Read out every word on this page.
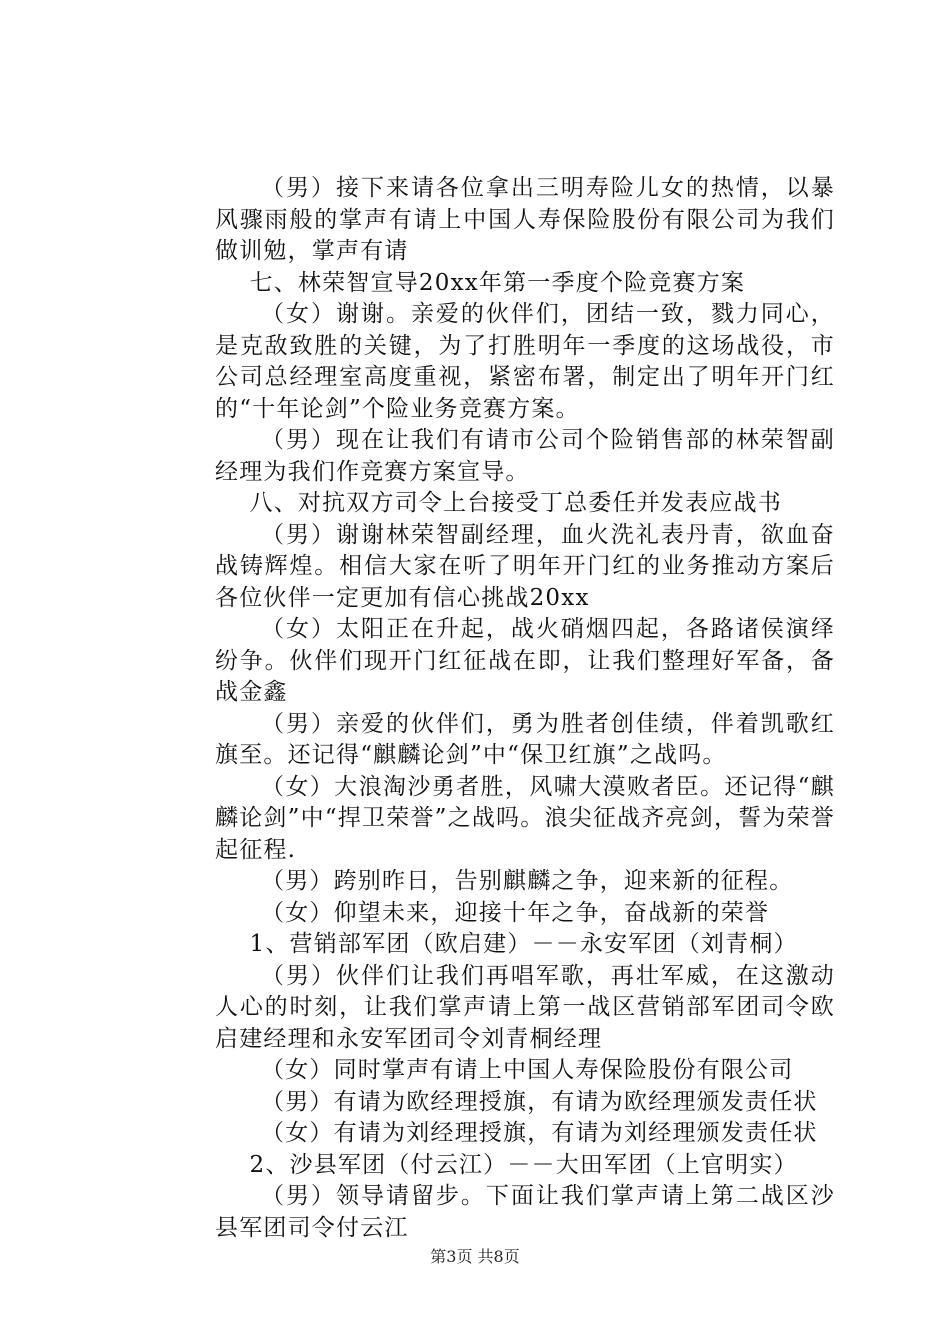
（男）接下来请各位拿出三明寿险儿女的热情，以暴风骤雨般的掌声有请上中国人寿保险股份有限公司为我们做训勉，掌声有请

七、林荣智宣导20xx年第一季度个险竞赛方案

（女）谢谢。亲爱的伙伴们，团结一致，戮力同心，是克敌致胜的关键，为了打胜明年一季度的这场战役，市公司总经理室高度重视，紧密布署，制定出了明年开门红的“十年论剑”个险业务竞赛方案。

（男）现在让我们有请市公司个险销售部的林荣智副经理为我们作竞赛方案宣导。

八、对抗双方司令上台接受丁总委任并发表应战书

（男）谢谢林荣智副经理，血火洗礼表丹青，欲血奋战铸辉煌。相信大家在听了明年开门红的业务推动方案后各位伙伴一定更加有信心挑战20xx

（女）太阳正在升起，战火硝烟四起，各路诸侯演绎纷争。伙伴们现开门红征战在即，让我们整理好军备，备战金鑫

（男）亲爱的伙伴们，勇为胜者创佳绩，伴着凯歌红旗至。还记得“麒麟论剑”中“保卫红旗”之战吗。

（女）大浪淘沙勇者胜，风啸大漠败者臣。还记得“麒麟论剑”中“捍卫荣誉”之战吗。浪尖征战齐亮剑，誓为荣誉起征程.

（男）跨别昨日，告别麒麟之争，迎来新的征程。

（女）仰望未来，迎接十年之争，奋战新的荣誉

1、营销部军团（欧启建）－－永安军团（刘青桐）

（男）伙伴们让我们再唱军歌，再壮军威，在这激动人心的时刻，让我们掌声请上第一战区营销部军团司令欧启建经理和永安军团司令刘青桐经理

（女）同时掌声有请上中国人寿保险股份有限公司

（男）有请为欧经理授旗，有请为欧经理颁发责任状

（女）有请为刘经理授旗，有请为刘经理颁发责任状

2、沙县军团（付云江）－－大田军团（上官明实）

（男）领导请留步。下面让我们掌声请上第二战区沙县军团司令付云江

第3页 共8页
